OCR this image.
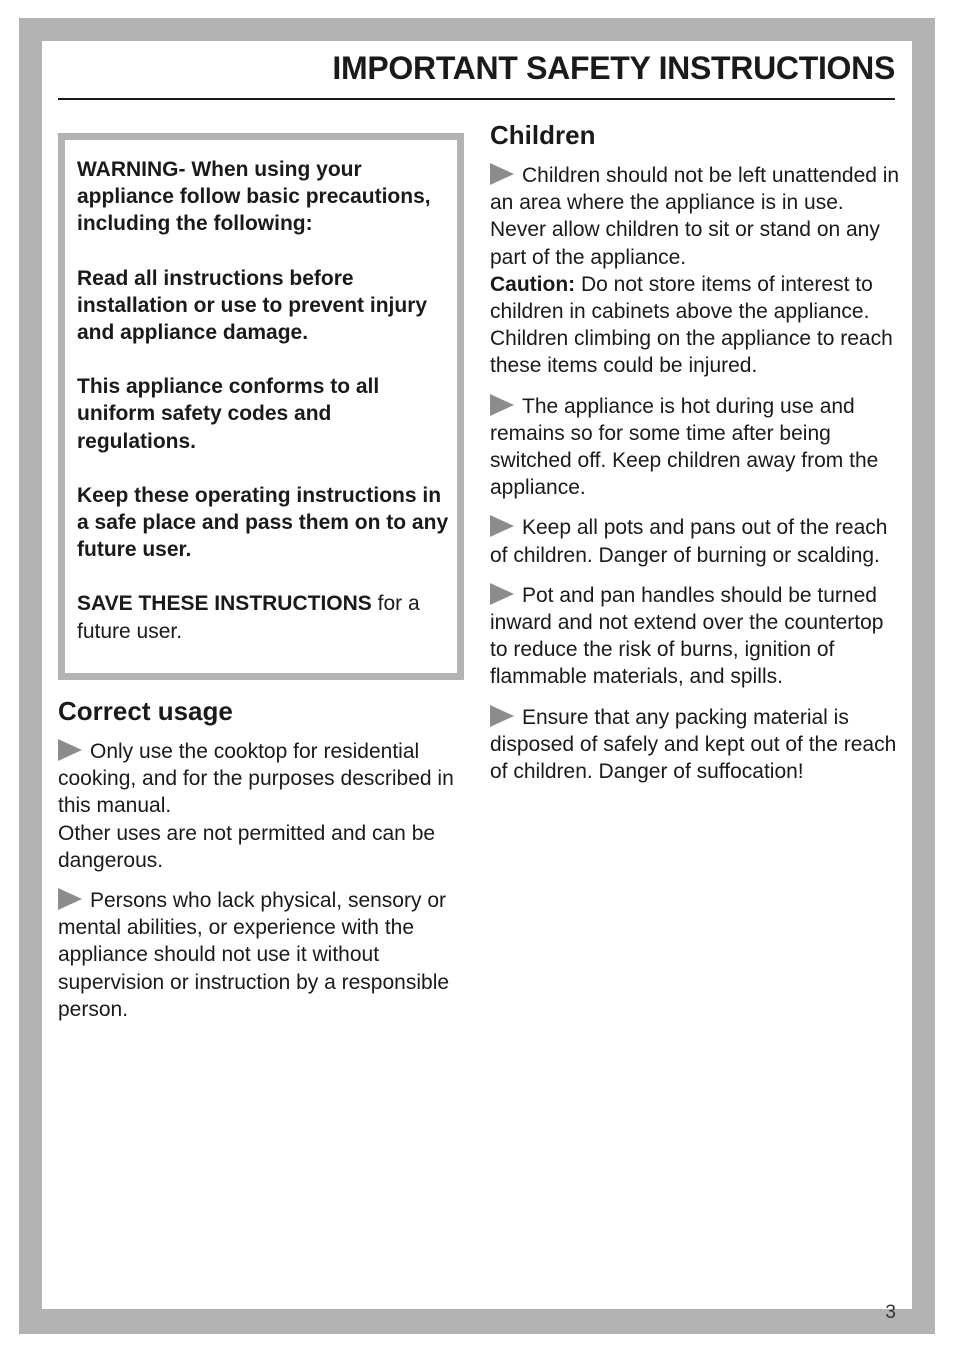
IMPORTANT SAFETY INSTRUCTIONS

WARNING- When using your appliance follow basic precautions, including the following:

Read all instructions before installation or use to prevent injury and appliance damage.

This appliance conforms to all uniform safety codes and regulations.

Keep these operating instructions in a safe place and pass them on to any future user.

SAVE THESE INSTRUCTIONS for a future user.

Correct usage

Only use the cooktop for residential cooking, and for the purposes described in this manual.

Other uses are not permitted and can be dangerous.

Persons who lack physical, sensory or mental abilities, or experience with the appliance should not use it without supervision or instruction by a responsible person.

Children

Children should not be left unattended in an area where the appliance is in use. Never allow children to sit or stand on any part of the appliance.

Caution: Do not store items of interest to children in cabinets above the appliance. Children climbing on the appliance to reach these items could be injured.

The appliance is hot during use and remains so for some time after being switched off. Keep children away from the appliance.

Keep all pots and pans out of the reach of children. Danger of burning or scalding.

Pot and pan handles should be turned inward and not extend over the countertop to reduce the risk of burns, ignition of flammable materials, and spills.

Ensure that any packing material is disposed of safely and kept out of the reach of children. Danger of suffocation!

3
